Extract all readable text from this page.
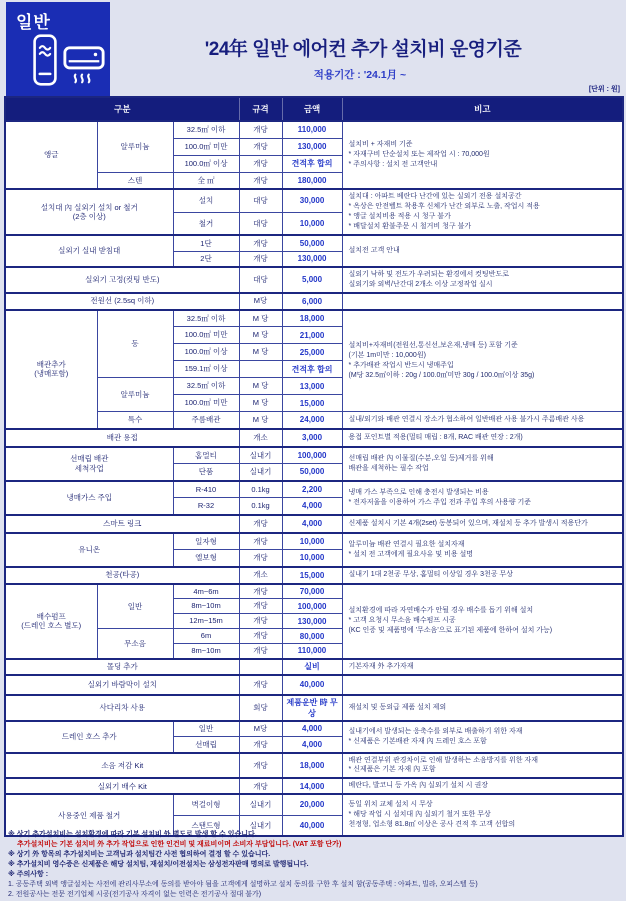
일반
'24年 일반 에어컨 추가 설치비 운영기준
적용기간 : '24.1月 ~
[단위 : 원]
구분			규격	금액	비고
앵글	알루미늄	32.5㎡ 이하	개당	110,000	설치비 + 자재비 기준
* 자재구비 단순설치 또는 제작업 시 : 70,000원
* 주의사항 : 설치 전 고객안내
		100.0㎡ 미만	개당	130,000	
		100.0㎡ 이상	개당	견적후 합의	
	스텐	全 ㎡	개당	180,000	
설치대 內 실외기 설치 or 철거
(2층 이상)		설치	대당	30,000	설치대 : 아파트 베란다 난간에 있는 실외기 전용 설치공간
* 옥상은 안전벨트 착용후 신체가 난간 외부로 노출, 작업시 적용
* 앵글 설치비용 적용 시 청구 불가
* 배달설치 환불주문 시 철거비 청구 불가
		철거	대당	10,000	
실외기 실내 받침대		1단	개당	50,000	설치전 고객 안내
		2단	개당	130,000	
실외기 고정(컷팅 반도)			대당	5,000	실외기 낙하 및 전도가 우려되는 환경에서 컷팅반도로
실외기와 외벽/난간대 2개소 이상 고정작업 실시
전원선 (2.5sq 이하)			M당	6,000	
배관추가
(냉매포함)	동	32.5㎡ 이하	M 당	18,000	설치비+자재비(전원선,통신선,보온재,냉매 등) 포함 기준
(기본 1m미만 : 10,000원)
* 추가배관 작업시 반드시 냉매주입
(M당 32.5㎡이하 : 20g / 100.0㎡미만 30g / 100.0㎡이상 35g)
		100.0㎡ 미만	M 당	21,000	
		100.0㎡ 이상	M 당	25,000	
		159.1㎡ 이상		견적후 합의	
	알루미늄	32.5㎡ 이하	M 당	13,000	
		100.0㎡ 미만	M 당	15,000	
	특수	주름배관	M 당	24,000	실내/외기와 배관 연결시 장소가 협소하여 일반배관 사용 불가시 주름배관 사용
배관 용접			개소	3,000	용접 포인트별 적용(멀티 매립 : 8개, RAC 배관 연장 : 2개)
선매립 배관
세척작업		홈멀티	실내기	100,000	선매립 배관 內 이물질(수분,오일 등)제거를 위해
배관을 세척하는 필수 작업
		단품	실내기	50,000	
냉매가스 주입		R-410	0.1kg	2,200	냉매 가스 부족으로 인해 충전시 발생되는 비용
* 전자저울을 이용하여 가스 주입 전과 주입 후의 사용량 기준
		R-32	0.1kg	4,000	
스마트 링크			개당	4,000	신제품 설치시 기본 4개(2set) 동봉되어 있으며, 재설치 등 추가 발생시 적용단가
유니온		일자형	개당	10,000	알루미늄 배관 연결시 필요한 설치자재
* 설치 전 고객에게 필요사유 및 비용 설명
		엘보형	개당	10,000	
천공(타공)			개소	15,000	실내기 1대 2천공 무상, 홈멀티 이상일 경우 3천공 무상
배수펌프
(드레인 호스 별도)	일반	4m~6m	개당	70,000	설치환경에 따라 자연배수가 안될 경우 배수를 돕기 위해 설치
* 고객 요청시 무소음 배수펌프 시공
(KC 인증 및 제품명에 '무소음'으로 표기된 제품에 한하여 설치 가능)
		8m~10m	개당	100,000	
		12m~15m	개당	130,000	
	무소음	6m	개당	80,000	
		8m~10m	개당	110,000	
몰딩 추가				실비	기본자재 外 추가자재
실외기 바람막이 설치			개당	40,000	
사다리차 사용			회당	제품운반 時 무상	재설치 및 동외급 제품 설치 제외
드레인 호스 추가		일반	M당	4,000	실내기에서 발생되는 응축수를 외부로 배출하기 위한 자재
* 신제품은 기본배관 자재 內 드레인 호스 포함
		선매립	개당	4,000	
소음 저감 Kit			개당	18,000	배관 연결부위 관경차이로 인해 발생하는 소음방지를 위한 자재
* 신제품은 기본 자재 內 포함
실외기 배수 Kit			개당	14,000	베란다, 발코니 등 가옥 內 실외기 설치 시 권장
사용중인 제품 철거		벽걸이형	실내기	20,000	동일 위치 교체 설치 시 무상
* 해당 작업 시 설치대 內 실외기 철거 또한 무상
천정형, 업소형 81.8㎡ 이상은 공사 견적 후 고객 선합의
		스탠드형	실내기	40,000	
※ 상기 추가설치비는 설치환경에 따라 기본 설치비 外 별도로 발생 할 수 있습니다.
추가설치비는 기본 설치비 外 추가 작업으로 인한 인건비 및 재료비이며 소비자 부담입니다. (VAT 포함 단가)
※ 상기 外 항목의 추가설치비는 고객님과 설치팀간 사전 협의하여 결정 할 수 있습니다.
※ 추가설치비 영수증은 신제품은 해당 설치팀, 재설치/이전설치는 삼성전자판매 명의로 발행됩니다.
※ 주의사항 :
1. 공동주택 외벽 앵글설치는 사전에 관리사무소에 동의를 받아야 됨을 고객에게 설명하고 설치 동의를 구한 후 설치 함(공동주택 : 아파트, 빌라, 오피스텔 등)
2. 전원공사는 전문 전기업체 시공(전기공사 자격이 없는 인력은 전기공사 절대 불가)
